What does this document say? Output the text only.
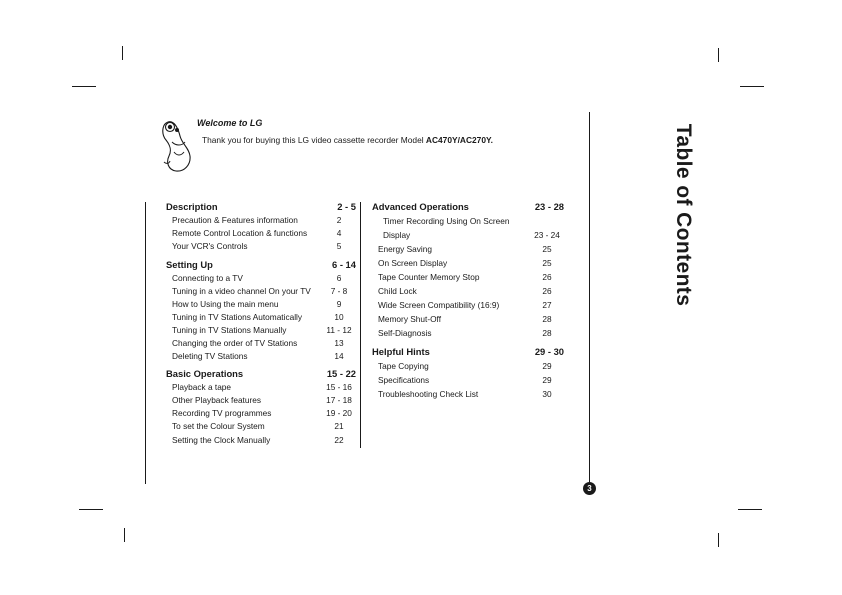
Welcome to LG
Thank you for buying this LG video cassette recorder Model AC470Y/AC270Y.
Description	2 - 5
Precaution & Features information	2
Remote Control Location & functions	4
Your VCR's Controls	5
Setting Up	6 - 14
Connecting to a TV	6
Tuning in a video channel On your TV	7 - 8
How to Using the main menu	9
Tuning in TV Stations Automatically	10
Tuning in TV Stations Manually	11 - 12
Changing the order of TV Stations	13
Deleting TV Stations	14
Basic Operations	15 - 22
Playback a tape	15 - 16
Other Playback features	17 - 18
Recording TV programmes	19 - 20
To set the Colour System	21
Setting the Clock Manually	22
Advanced Operations	23 - 28
Timer Recording Using On Screen
Display	23 - 24
Energy Saving	25
On Screen Display	25
Tape Counter Memory Stop	26
Child Lock	26
Wide Screen Compatibility (16:9)	27
Memory Shut-Off	28
Self-Diagnosis	28
Helpful Hints	29 - 30
Tape Copying	29
Specifications	29
Troubleshooting Check List	30
Table of Contents
3
